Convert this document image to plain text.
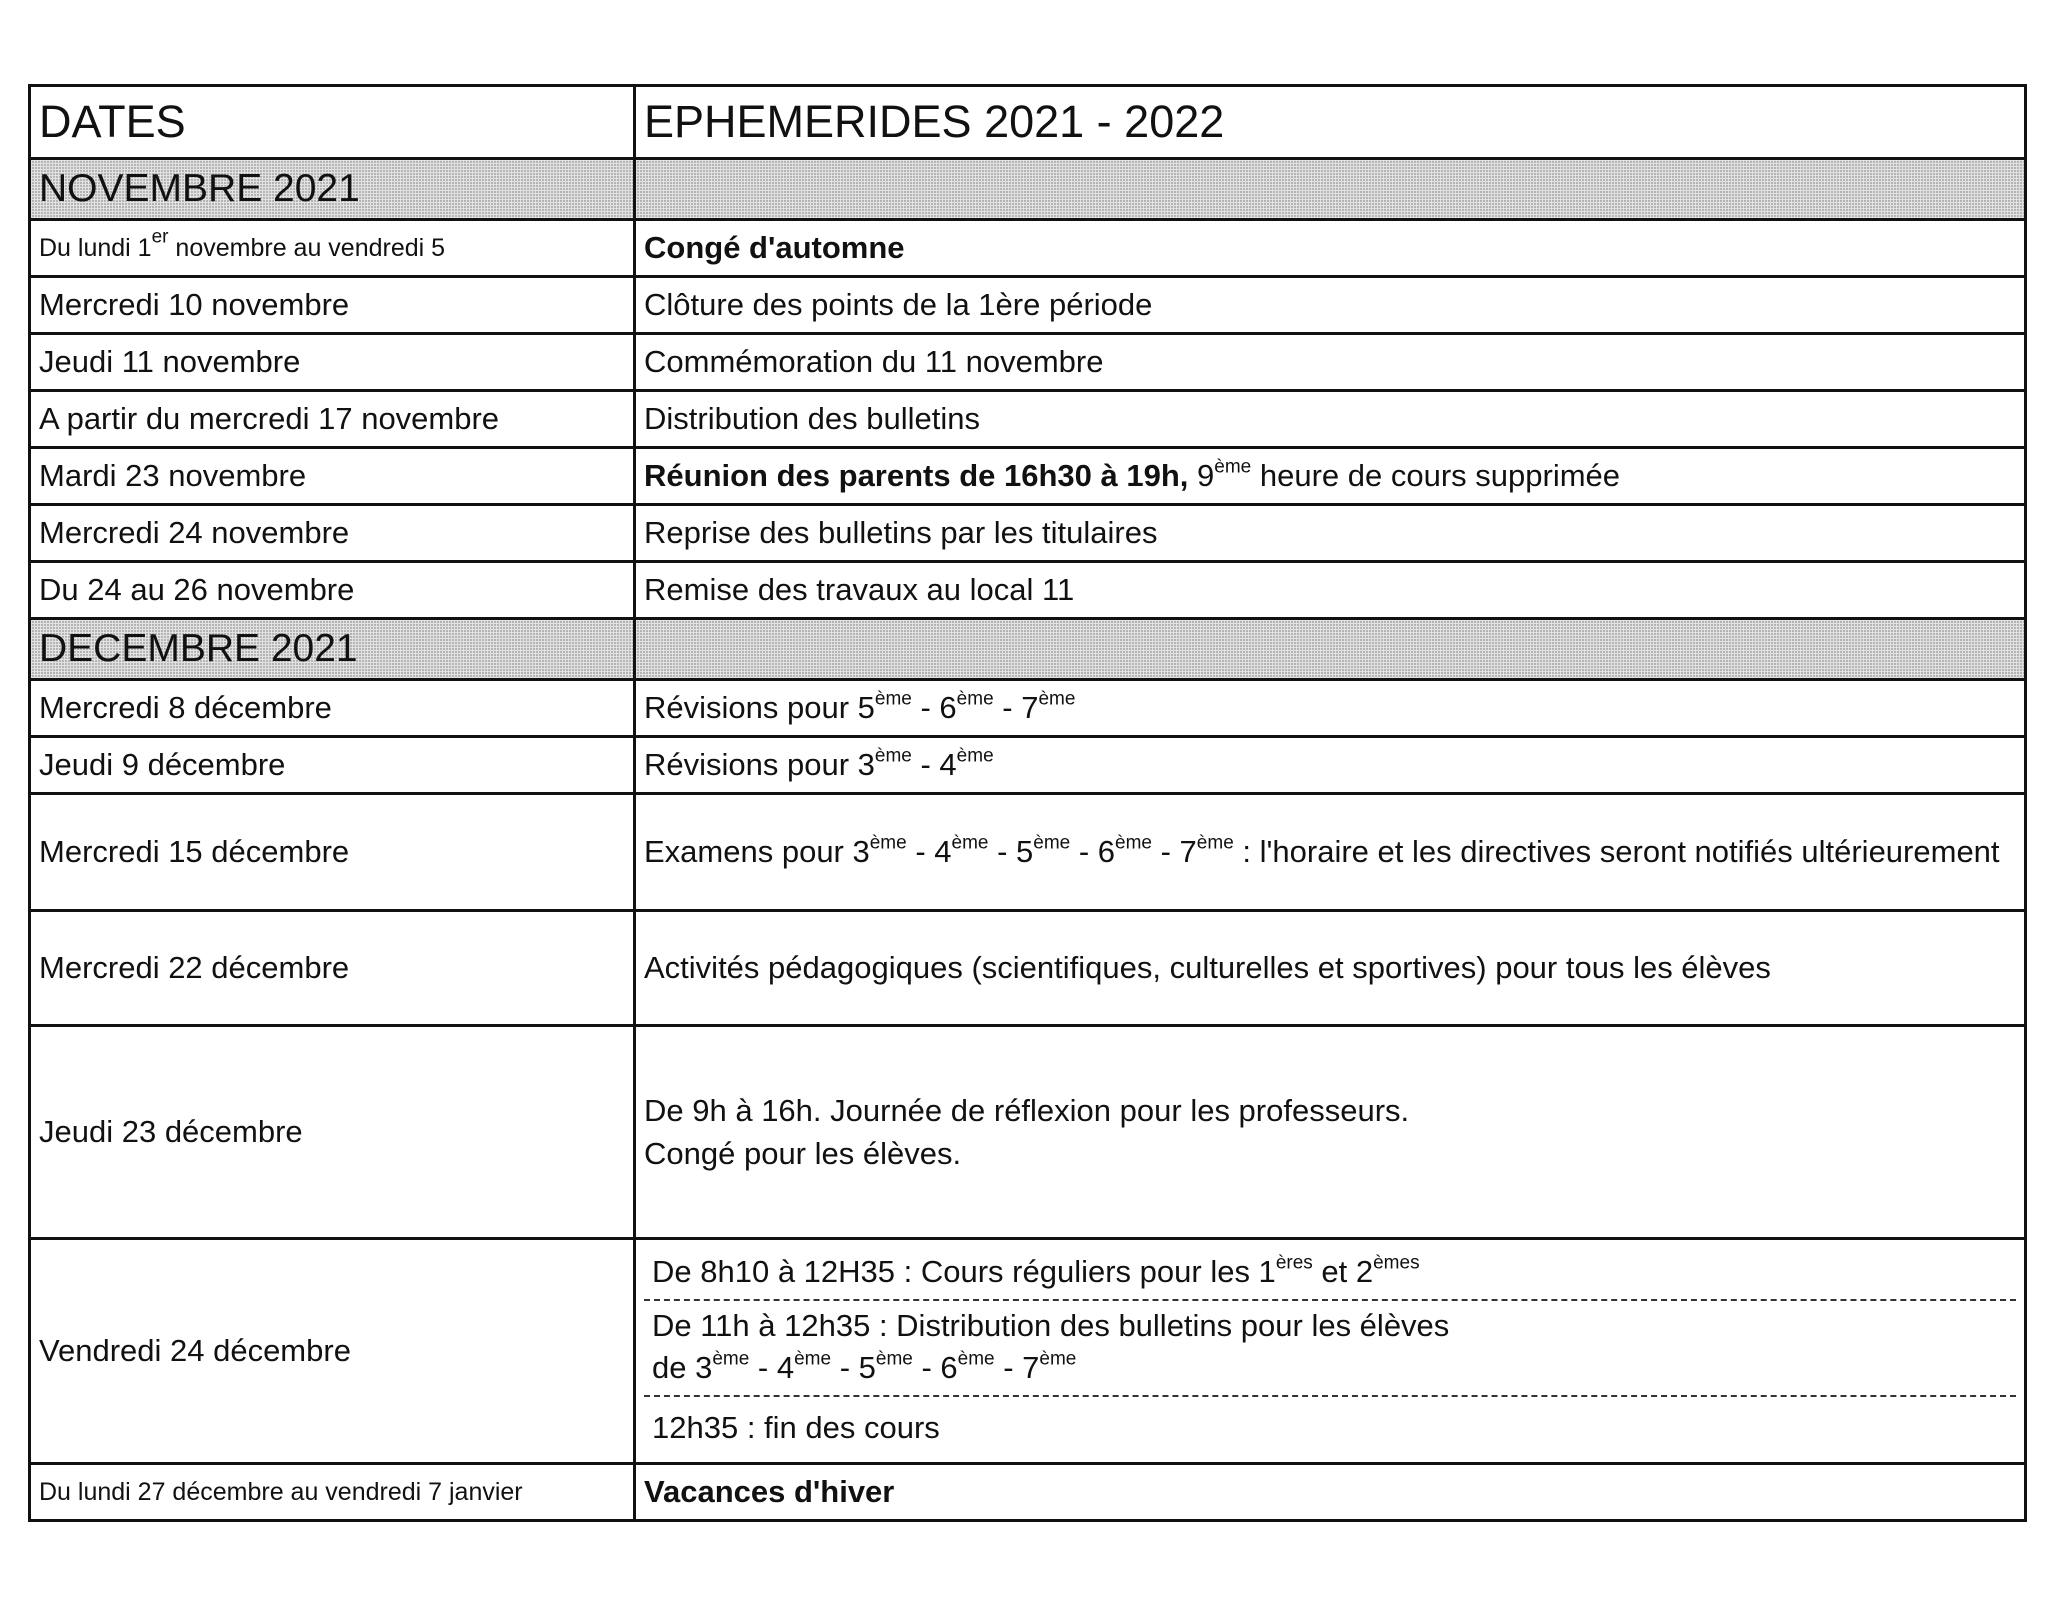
DATES	EPHEMERIDES 2021 - 2022
NOVEMBRE 2021	
Du lundi 1er novembre au vendredi 5	Congé d'automne
Mercredi 10 novembre	Clôture des points de la 1ère période
Jeudi 11 novembre	Commémoration du 11 novembre
A partir du mercredi 17 novembre	Distribution des bulletins
Mardi 23 novembre	Réunion des parents de 16h30 à 19h, 9ème heure de cours supprimée
Mercredi 24 novembre	Reprise des bulletins par les titulaires
Du 24 au 26 novembre	Remise des travaux au local 11
DECEMBRE 2021	
Mercredi 8 décembre	Révisions pour 5ème - 6ème - 7ème
Jeudi 9 décembre	Révisions pour 3ème - 4ème
Mercredi 15 décembre	Examens pour 3ème - 4ème - 5ème - 6ème - 7ème : l'horaire et les directives seront notifiés ultérieurement
Mercredi 22 décembre	Activités pédagogiques (scientifiques, culturelles et sportives) pour tous les élèves
Jeudi 23 décembre	De 9h à 16h. Journée de réflexion pour les professeurs.
Congé pour les élèves.

Vendredi 24 décembre	De 8h10 à 12H35 : Cours réguliers pour les 1ères et 2èmes
De 11h à 12h35 : Distribution des bulletins pour les élèves
de 3ème - 4ème - 5ème - 6ème - 7ème
12h35 : fin des cours

Du lundi 27 décembre au vendredi 7 janvier	Vacances d'hiver
